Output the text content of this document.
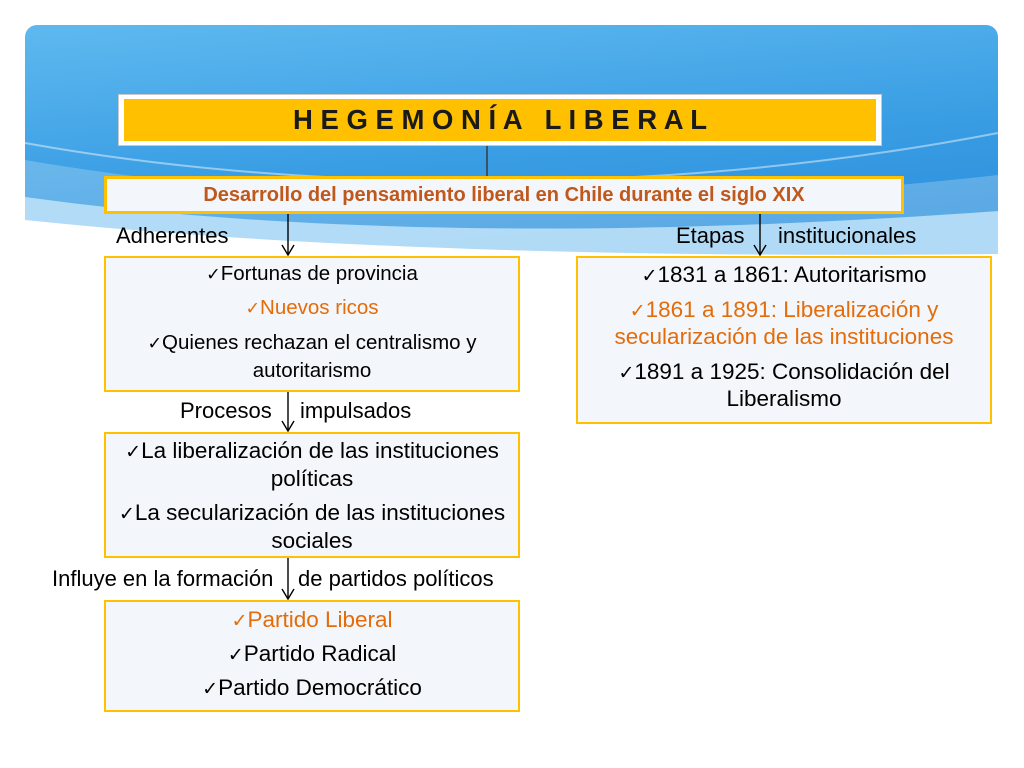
H E G E M O N Í A   L I B E R A L
Desarrollo del pensamiento liberal en Chile durante el siglo XIX
Adherentes	Etapas institucionales
Procesos impulsados
Influye en la formación de partidos políticos

✓ Fortunas de provincia

✓ Nuevos ricos

✓ Quienes rechazan el centralismo y autoritarismo

✓ La liberalización de las instituciones políticas

✓ La secularización de las instituciones sociales

✓ Partido Liberal

✓ Partido Radical

✓ Partido Democrático

✓ 1831 a 1861: Autoritarismo

✓ 1861 a 1891: Liberalización y secularización de las instituciones

✓ 1891 a 1925: Consolidación del Liberalismo
